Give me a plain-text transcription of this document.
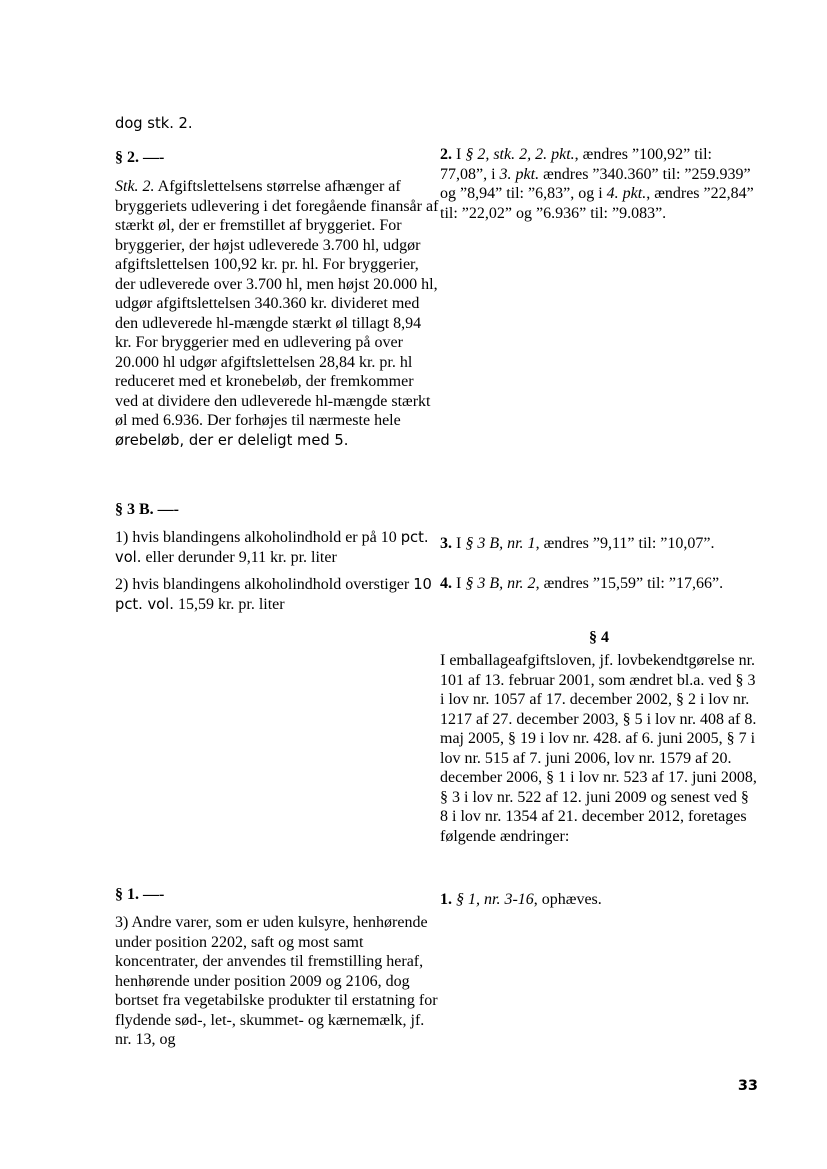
dog stk. 2.

§ 2. —-

Stk. 2. Afgiftslettelsens størrelse afhænger af bryggeriets udlevering i det foregående finansår af stærkt øl, der er fremstillet af bryggeriet. For bryggerier, der højst udleverede 3.700 hl, udgør afgiftslettelsen 100,92 kr. pr. hl. For bryggerier, der udleverede over 3.700 hl, men højst 20.000 hl, udgør afgiftslettelsen 340.360 kr. divideret med den udleverede hl-mængde stærkt øl tillagt 8,94 kr. For bryggerier med en udlevering på over 20.000 hl udgør afgiftslettelsen 28,84 kr. pr. hl reduceret med et kronebeløb, der fremkommer ved at dividere den udleverede hl-mængde stærkt øl med 6.936. Der forhøjes til nærmeste hele ørebeløb, der er deleligt med 5.

§ 3 B. —-

1) hvis blandingens alkoholindhold er på 10 pct. vol. eller derunder 9,11 kr. pr. liter

2) hvis blandingens alkoholindhold overstiger 10 pct. vol. 15,59 kr. pr. liter

§ 1. —-

3) Andre varer, som er uden kulsyre, henhørende under position 2202, saft og most samt koncentrater, der anvendes til fremstilling heraf, henhørende under position 2009 og 2106, dog bortset fra vegetabilske produkter til erstatning for flydende sød-, let-, skummet- og kærnemælk, jf. nr. 13, og

2. I § 2, stk. 2, 2. pkt., ændres ”100,92” til: 77,08”, i 3. pkt. ændres ”340.360” til: ”259.939” og ”8,94” til: ”6,83”, og i 4. pkt., ændres ”22,84” til: ”22,02” og ”6.936” til: ”9.083”.

3. I § 3 B, nr. 1, ændres ”9,11” til: ”10,07”.

4. I § 3 B, nr. 2, ændres ”15,59” til: ”17,66”.

§ 4

I emballageafgiftsloven, jf. lovbekendtgørelse nr. 101 af 13. februar 2001, som ændret bl.a. ved § 3 i lov nr. 1057 af 17. december 2002, § 2 i lov nr. 1217 af 27. december 2003, § 5 i lov nr. 408 af 8. maj 2005, § 19 i lov nr. 428. af 6. juni 2005, § 7 i lov nr. 515 af 7. juni 2006, lov nr. 1579 af 20. december 2006, § 1 i lov nr. 523 af 17. juni 2008, § 3 i lov nr. 522 af 12. juni 2009 og senest ved § 8 i lov nr. 1354 af 21. december 2012, foretages følgende ændringer:

1. § 1, nr. 3-16, ophæves.

33
